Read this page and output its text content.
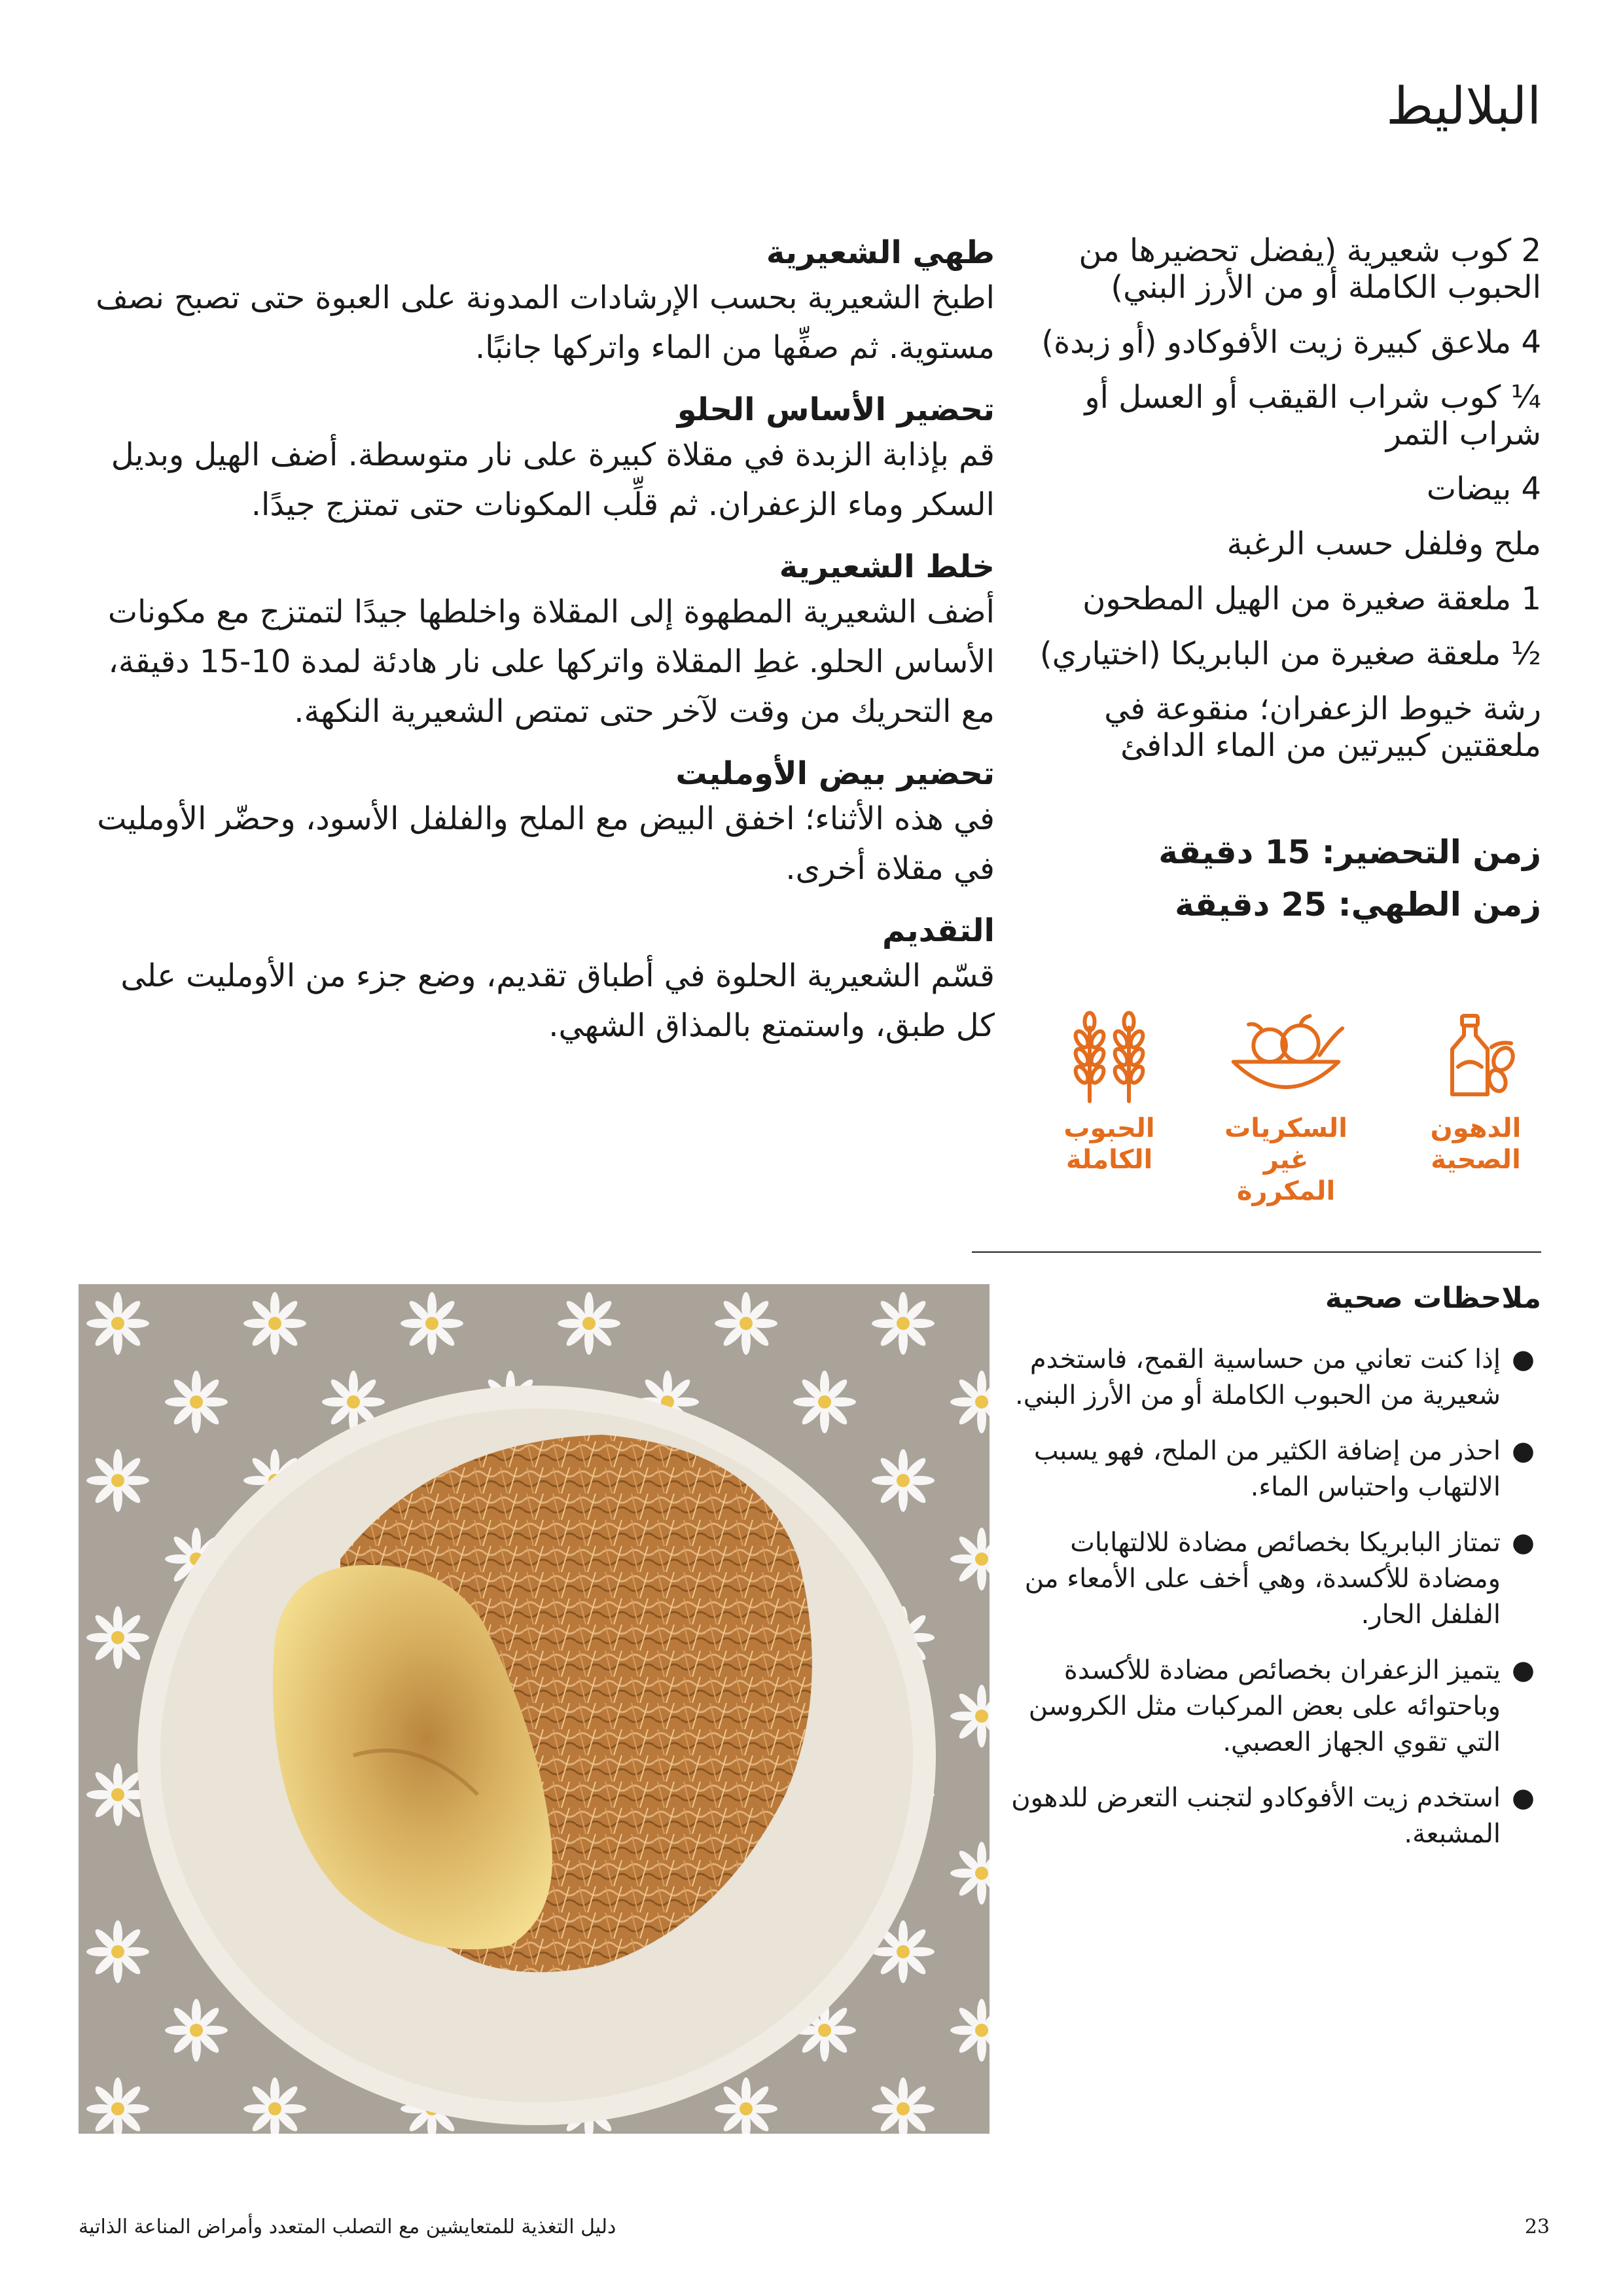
البلاليط
2 كوب شعيرية (يفضل تحضيرها من الحبوب الكاملة أو من الأرز البني)
4 ملاعق كبيرة زيت الأفوكادو (أو زبدة)
¼ كوب شراب القيقب أو العسل أو شراب التمر
4 بيضات
ملح وفلفل حسب الرغبة
1 ملعقة صغيرة من الهيل المطحون
½ ملعقة صغيرة من البابريكا (اختياري)
رشة خيوط الزعفران؛ منقوعة في ملعقتين كبيرتين من الماء الدافئ
زمن التحضير: 15 دقيقة
زمن الطهي: 25 دقيقة
الدهون الصحية
السكريات غير المكررة
الحبوب الكاملة
ملاحظات صحية
●
إذا كنت تعاني من حساسية القمح، فاستخدم شعيرية من الحبوب الكاملة أو من الأرز البني.
●
احذر من إضافة الكثير من الملح، فهو يسبب الالتهاب واحتباس الماء.
●
تمتاز البابريكا بخصائص مضادة للالتهابات ومضادة للأكسدة، وهي أخف على الأمعاء من الفلفل الحار.
●
يتميز الزعفران بخصائص مضادة للأكسدة وباحتوائه على بعض المركبات مثل الكروسن التي تقوي الجهاز العصبي.
●
استخدم زيت الأفوكادو لتجنب التعرض للدهون المشبعة.
طهي الشعيرية

اطبخ الشعيرية بحسب الإرشادات المدونة على العبوة حتى تصبح نصف مستوية. ثم صفِّها من الماء واتركها جانبًا.

تحضير الأساس الحلو

قم بإذابة الزبدة في مقلاة كبيرة على نار متوسطة. أضف الهيل وبديل السكر وماء الزعفران. ثم قلِّب المكونات حتى تمتزج جيدًا.

خلط الشعيرية

أضف الشعيرية المطهوة إلى المقلاة واخلطها جيدًا لتمتزج مع مكونات الأساس الحلو. غطِ المقلاة واتركها على نار هادئة لمدة 10-15 دقيقة، مع التحريك من وقت لآخر حتى تمتص الشعيرية النكهة.

تحضير بيض الأومليت

في هذه الأثناء؛ اخفق البيض مع الملح والفلفل الأسود، وحضّر الأومليت في مقلاة أخرى.

التقديم

قسّم الشعيرية الحلوة في أطباق تقديم، وضع جزء من الأومليت على كل طبق، واستمتع بالمذاق الشهي.

23
دليل التغذية للمتعايشين مع التصلب المتعدد وأمراض المناعة الذاتية
